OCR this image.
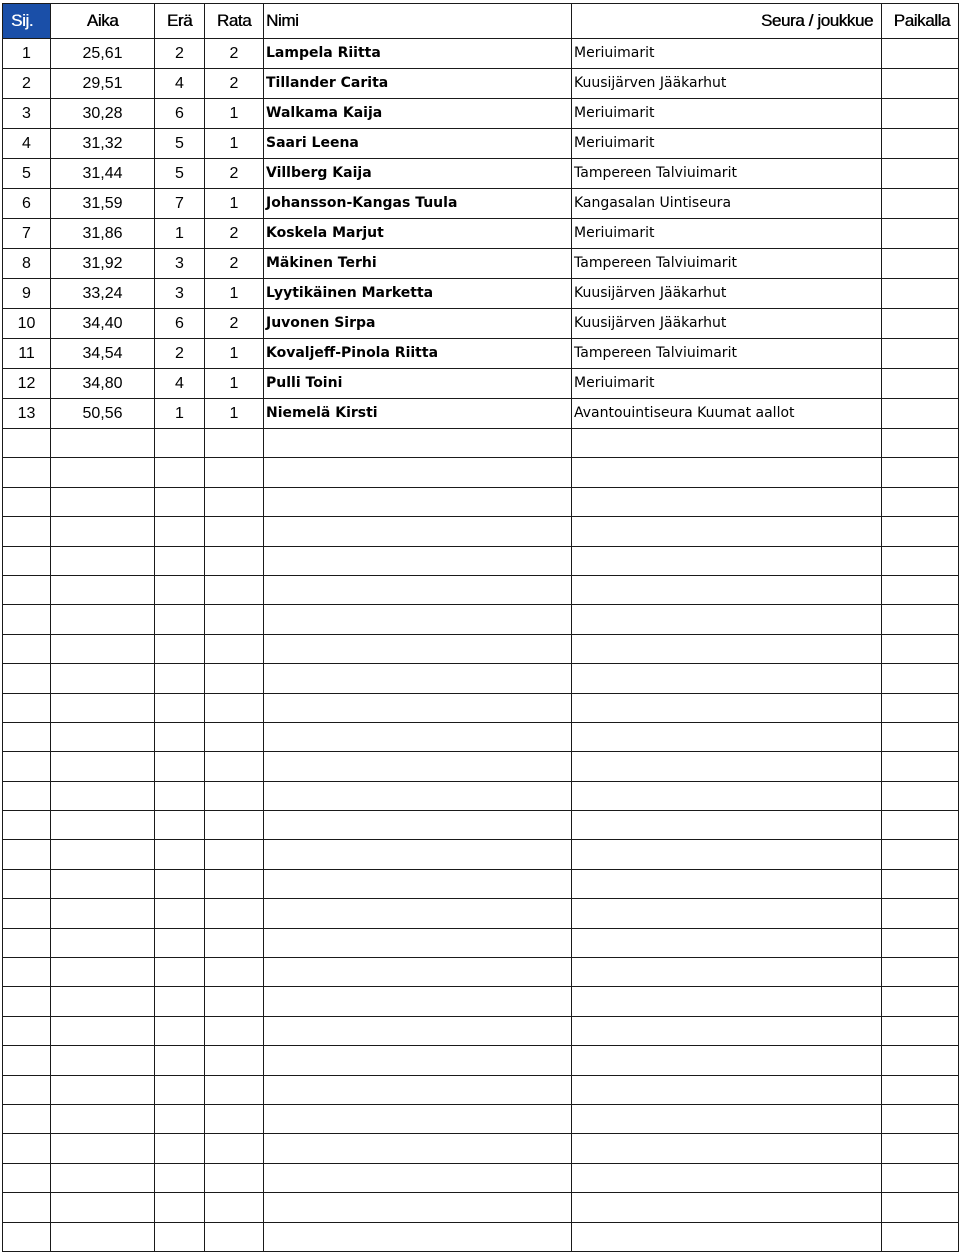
Sij.	Aika	Erä	Rata	Nimi	Seura / joukkue	Paikalla
1	25,61	2	2	Lampela Riitta	Meriuimarit	
2	29,51	4	2	Tillander Carita	Kuusijärven Jääkarhut	
3	30,28	6	1	Walkama Kaija	Meriuimarit	
4	31,32	5	1	Saari Leena	Meriuimarit	
5	31,44	5	2	Villberg Kaija	Tampereen Talviuimarit	
6	31,59	7	1	Johansson-Kangas Tuula	Kangasalan Uintiseura	
7	31,86	1	2	Koskela Marjut	Meriuimarit	
8	31,92	3	2	Mäkinen Terhi	Tampereen Talviuimarit	
9	33,24	3	1	Lyytikäinen Marketta	Kuusijärven Jääkarhut	
10	34,40	6	2	Juvonen Sirpa	Kuusijärven Jääkarhut	
11	34,54	2	1	Kovaljeff-Pinola Riitta	Tampereen Talviuimarit	
12	34,80	4	1	Pulli Toini	Meriuimarit	
13	50,56	1	1	Niemelä Kirsti	Avantouintiseura Kuumat aallot	
